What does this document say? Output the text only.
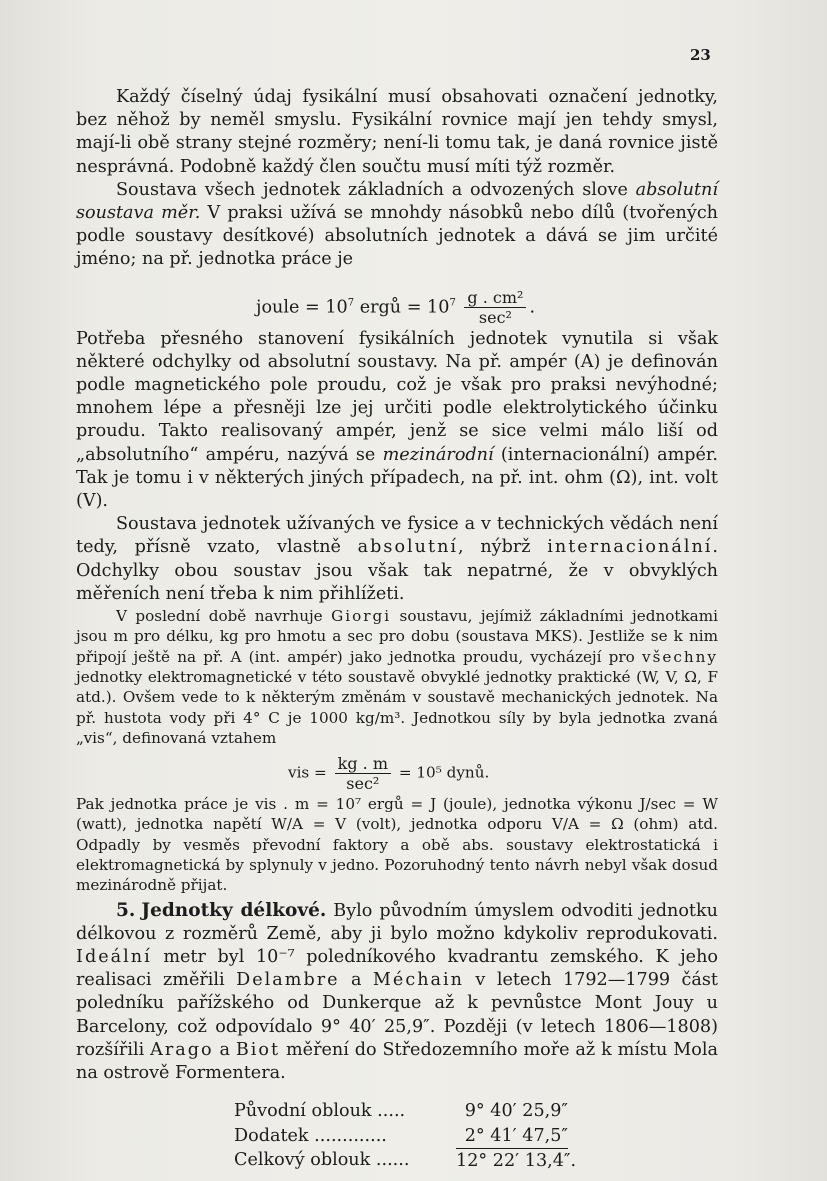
23

Každý číselný údaj fysikální musí obsahovati označení jednotky, bez něhož by neměl smyslu. Fysikální rovnice mají jen tehdy smysl, mají-li obě strany stejné rozměry; není-li tomu tak, je daná rovnice jistě nesprávná. Podobně každý člen součtu musí míti týž rozměr.

Soustava všech jednotek základních a odvozených slove absolutní soustava měr. V praksi užívá se mnohdy násobků nebo dílů (tvořených podle soustavy desítkové) absolutních jednotek a dává se jim určité jméno; na př. jednotka práce je

joule = $10^7$ ergů = $10^7 \frac{\text{g . cm²}}{\text{sec²}}$ .

Potřeba přesného stanovení fysikálních jednotek vynutila si však některé odchylky od absolutní soustavy. Na př. ampér (A) je definován podle magnetického pole proudu, což je však pro praksi nevýhodné; mnohem lépe a přesněji lze jej určiti podle elektrolytického účinku proudu. Takto realisovaný ampér, jenž se sice velmi málo liší od „absolutního“ ampéru, nazývá se mezinárodní (internacionální) ampér. Tak je tomu i v některých jiných případech, na př. int. ohm (Ω), int. volt (V).

Soustava jednotek užívaných ve fysice a v technických vědách není tedy, přísně vzato, vlastně absolutní, nýbrž internacionální. Odchylky obou soustav jsou však tak nepatrné, že v obvyklých měřeních není třeba k nim přihlížeti.

V poslední době navrhuje Giorgi soustavu, jejímiž základními jednotkami jsou m pro délku, kg pro hmotu a sec pro dobu (soustava MKS). Jestliže se k nim připojí ještě na př. A (int. ampér) jako jednotka proudu, vycházejí pro všechny jednotky elektromagnetické v této soustavě obvyklé jednotky praktické (W, V, Ω, F atd.). Ovšem vede to k některým změnám v soustavě mechanických jednotek. Na př. hustota vody při 4° C je 1000 kg/m³. Jednotkou síly by byla jednotka zvaná „vis“, definovaná vztahem

vis = $\frac{kg . m}{\text{sec²}} = 10^5$ dynů.

Pak jednotka práce je vis . m = 10⁷ ergů = J (joule), jednotka výkonu J/sec = W (watt), jednotka napětí W/A = V (volt), jednotka odporu V/A = Ω (ohm) atd. Odpadly by vesměs převodní faktory a obě abs. soustavy elektrostatická i elektromagnetická by splynuly v jedno. Pozoruhodný tento návrh nebyl však dosud mezinárodně přijat.

5. Jednotky délkové. Bylo původním úmyslem odvoditi jednotku délkovou z rozměrů Země, aby ji bylo možno kdykoliv reprodukovati. Ideální metr byl 10⁻⁷ poledníkového kvadrantu zemského. K jeho realisaci změřili Delambre a Méchain v letech 1792—1799 část poledníku pařížského od Dunkerque až k pevnůstce Mont Jouy u Barcelony, což odpovídalo 9° 40′ 25,9″. Později (v letech 1806—1808) rozšířili Arago a Biot měření do Středozemního moře až k místu Mola na ostrově Formentera.

Původní oblouk .....	9° 40′ 25,9″
Dodatek .............	2° 41′ 47,5″
Celkový oblouk ......	12° 22′ 13,4″.
